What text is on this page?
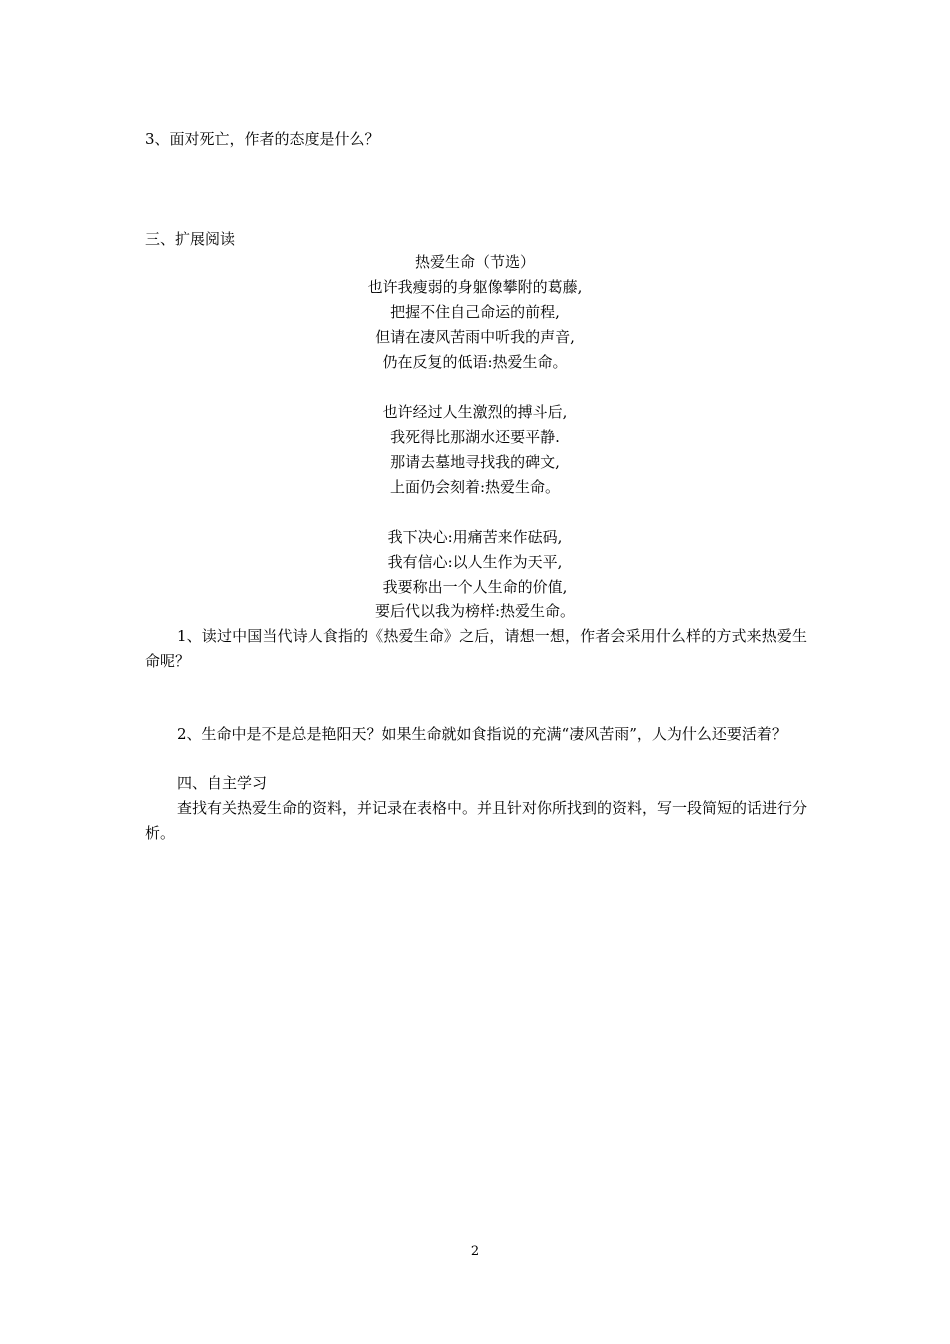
3、面对死亡，作者的态度是什么？
三、扩展阅读
热爱生命（节选）
也许我瘦弱的身躯像攀附的葛藤,
把握不住自己命运的前程,
但请在凄风苦雨中听我的声音,
仍在反复的低语:热爱生命。
也许经过人生激烈的搏斗后,
我死得比那湖水还要平静.
那请去墓地寻找我的碑文,
上面仍会刻着:热爱生命。
我下决心:用痛苦来作砝码,
我有信心:以人生作为天平,
我要称出一个人生命的价值,
要后代以我为榜样:热爱生命。
1、读过中国当代诗人食指的《热爱生命》之后，请想一想，作者会采用什么样的方式来热爱生命呢？
2、生命中是不是总是艳阳天？如果生命就如食指说的充满“凄风苦雨”，人为什么还要活着？
四、自主学习
查找有关热爱生命的资料，并记录在表格中。并且针对你所找到的资料，写一段简短的话进行分析。
2
